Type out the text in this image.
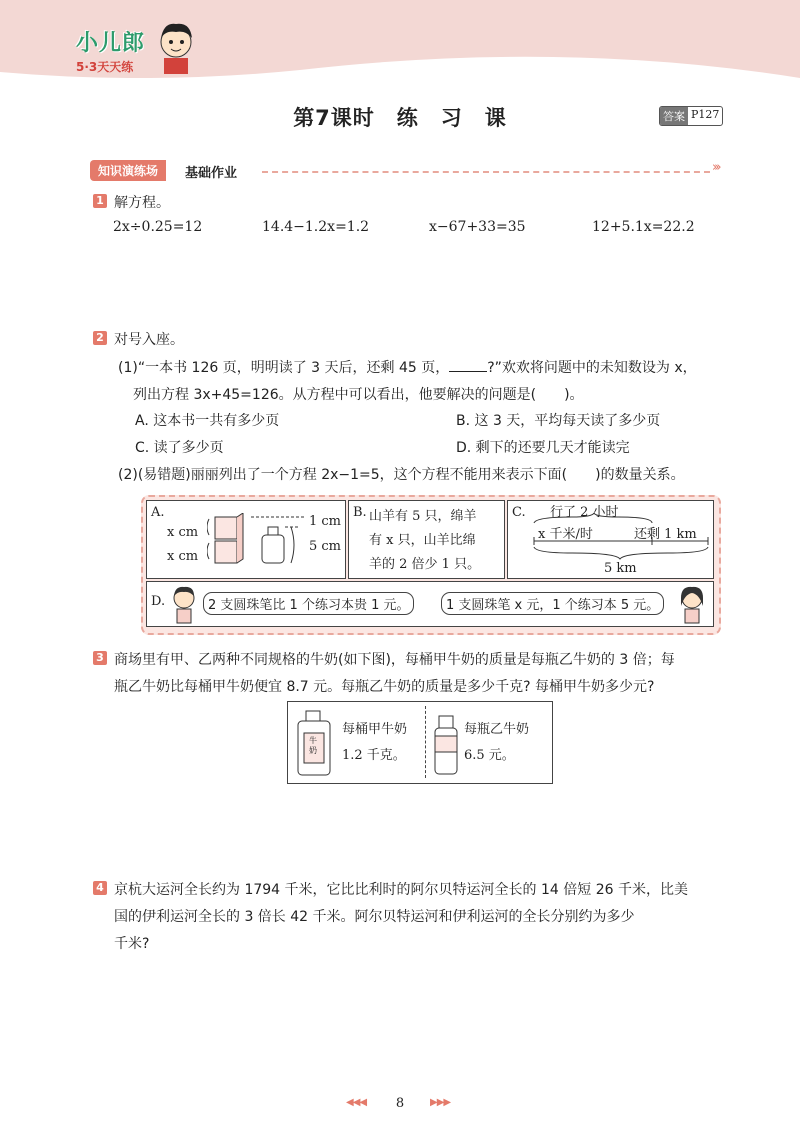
小儿郎
5·3天天练
第7课时　练　习　课	答案 P127
知识演练场	基础作业	›››
1 解方程。
2x÷0.25=12	14.4−1.2x=1.2	x−67+33=35	12+5.1x=22.2
2 对号入座。
(1)“一本书 126 页，明明读了 3 天后，还剩 45 页，	?”欢欢将问题中的未知数设为 x，
列出方程 3x+45=126。从方程中可以看出，他要解决的问题是(　　)。
A. 这本书一共有多少页	B. 这 3 天，平均每天读了多少页
C. 读了多少页	D. 剩下的还要几天才能读完
(2)(易错题)丽丽列出了一个方程 2x−1=5，这个方程不能用来表示下面(　　)的数量关系。
A.
x cm
x cm
1 cm
5 cm
B. 山羊有 5 只，绵羊
有 x 只，山羊比绵
羊的 2 倍少 1 只。
C. 行了 2 小时
x 千米/时	还剩 1 km
5 km
D.	2 支圆珠笔比 1 个练习本贵 1 元。	1 支圆珠笔 x 元，1 个练习本 5 元。
3 商场里有甲、乙两种不同规格的牛奶(如下图)，每桶甲牛奶的质量是每瓶乙牛奶的 3 倍；每
瓶乙牛奶比每桶甲牛奶便宜 8.7 元。每瓶乙牛奶的质量是多少千克? 每桶甲牛奶多少元?
牛奶
每桶甲牛奶
1.2 千克。
每瓶乙牛奶
6.5 元。
4 京杭大运河全长约为 1794 千米，它比比利时的阿尔贝特运河全长的 14 倍短 26 千米，比美
国的伊利运河全长的 3 倍长 42 千米。阿尔贝特运河和伊利运河的全长分别约为多少
千米?
◀◀◀	8	▶▶▶
